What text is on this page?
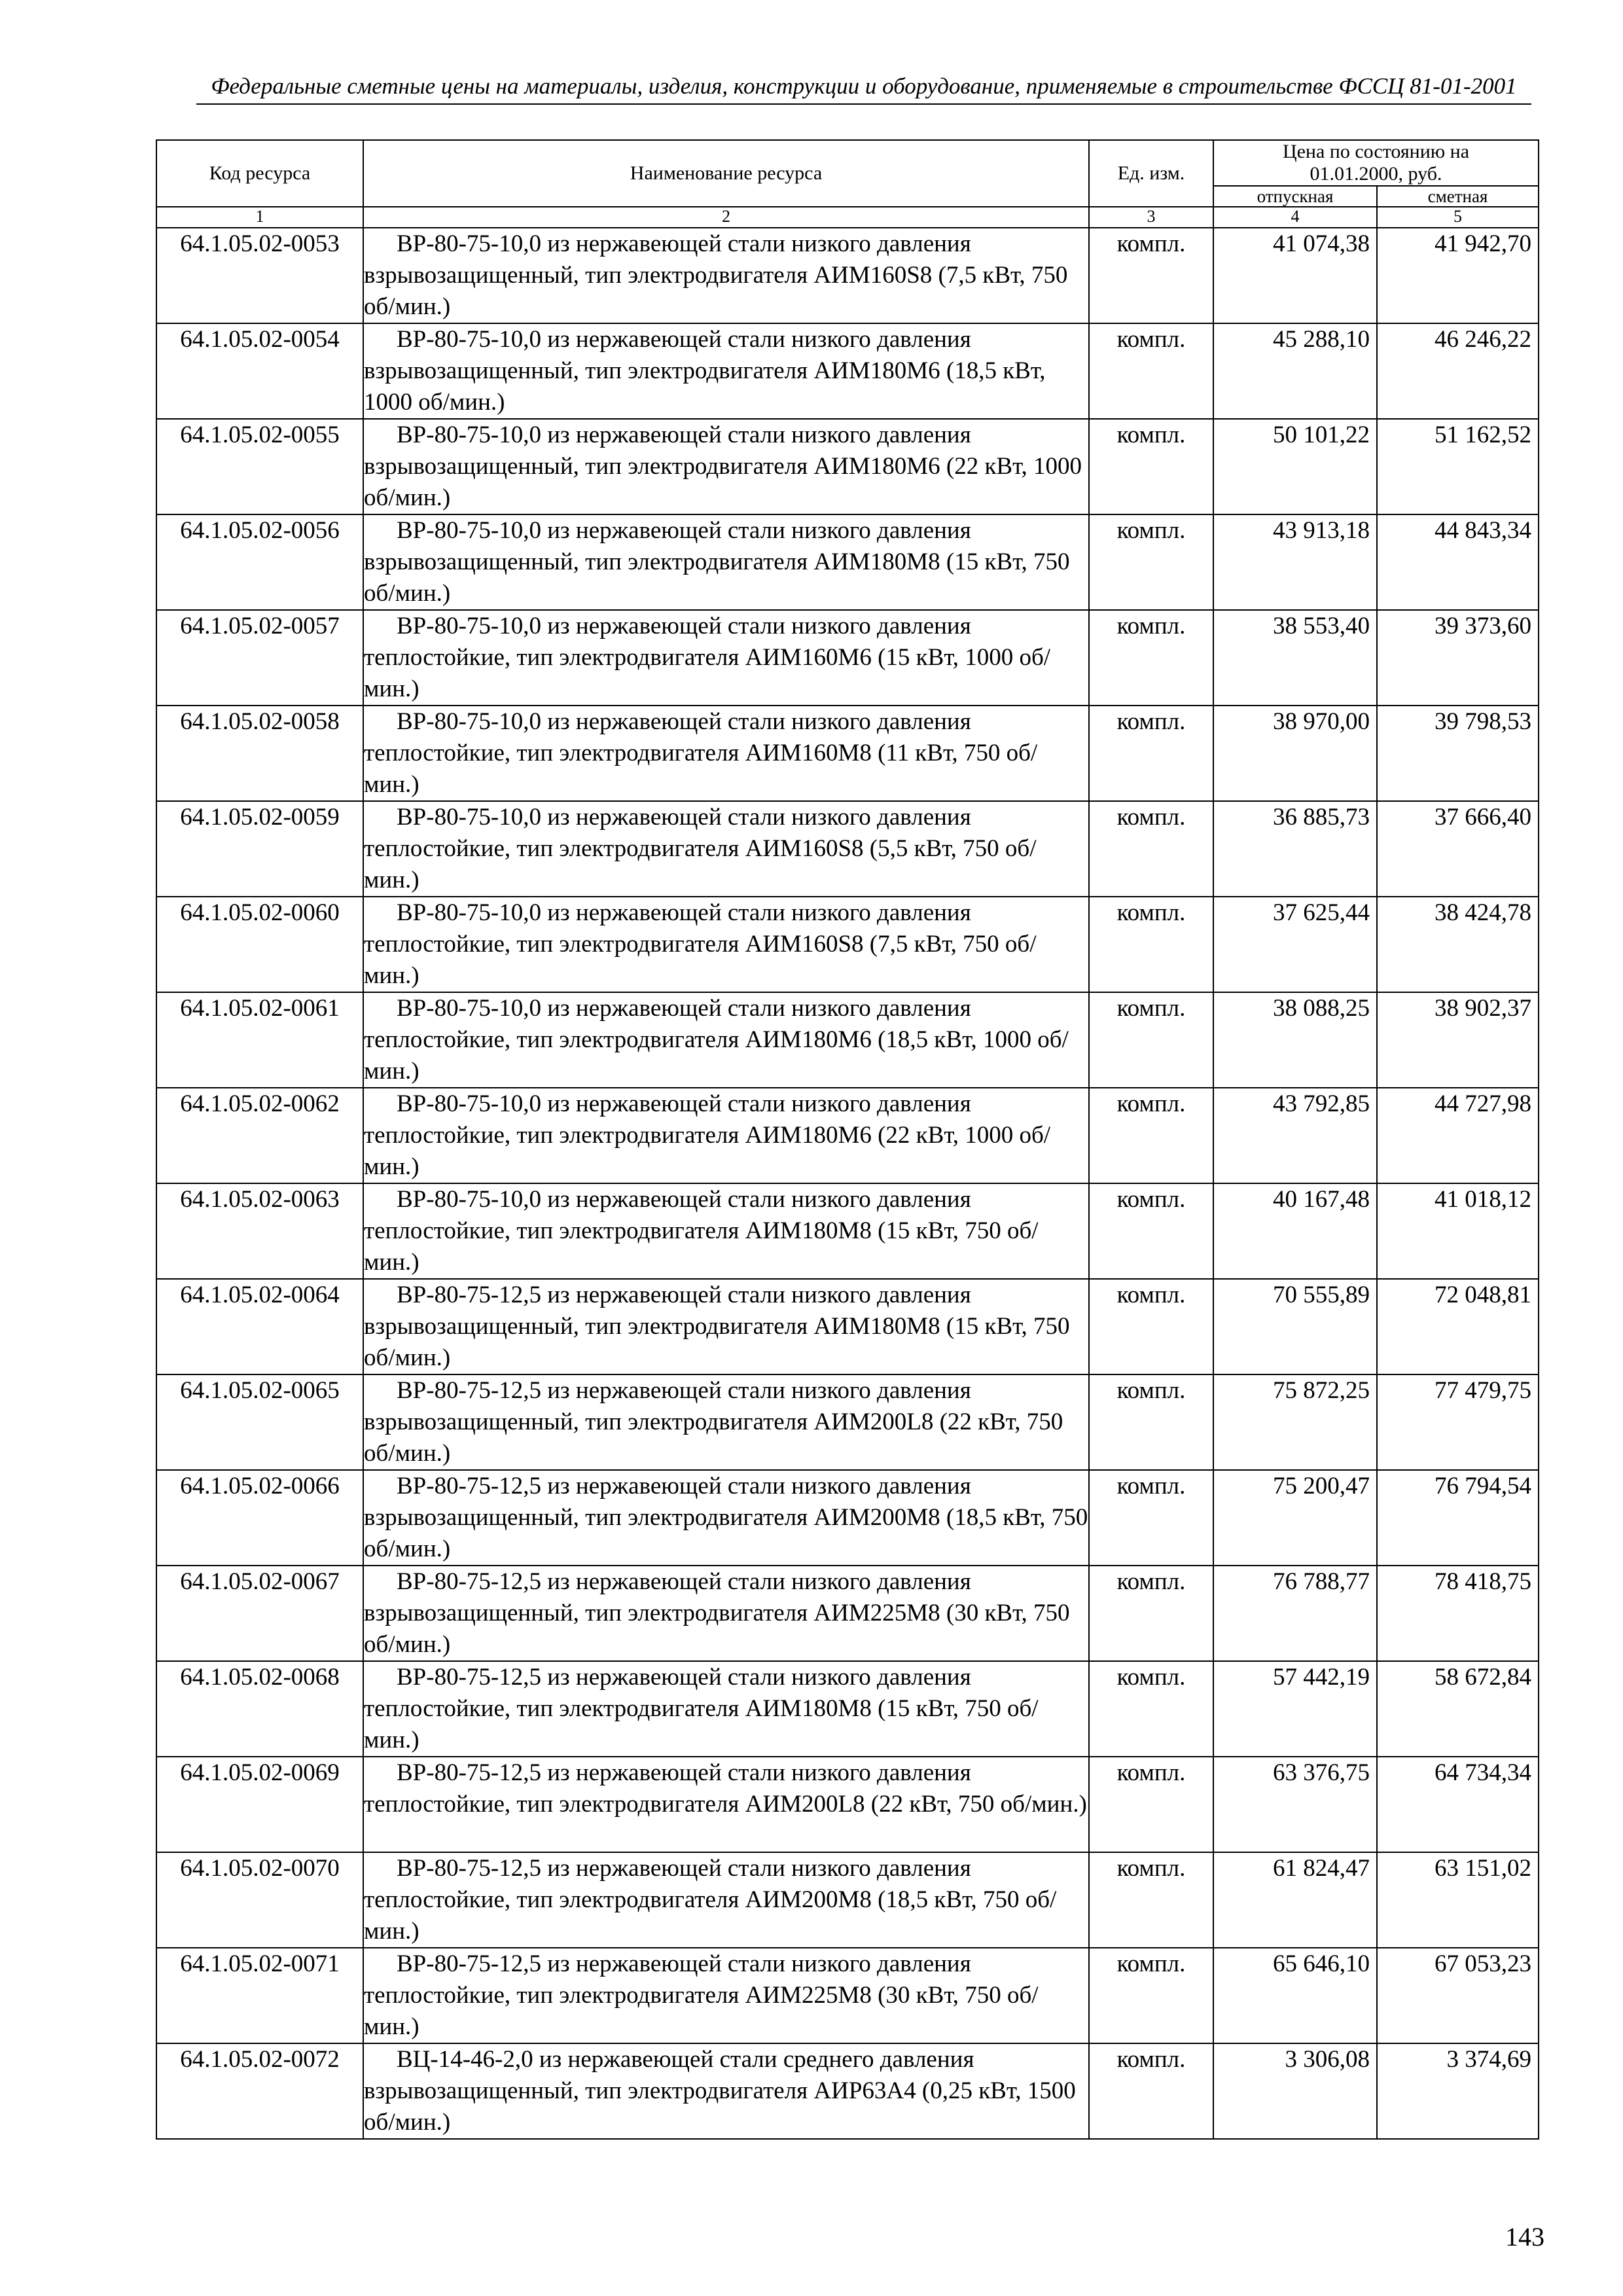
Федеральные сметные цены на материалы, изделия, конструкции и оборудование, применяемые в строительстве ФССЦ 81-01-2001
Код ресурса	Наименование ресурса	Ед. изм.	Цена по состоянию на 01.01.2000, руб.	
			отпускная	сметная
1	2	3	4	5
64.1.05.02-0053	ВР-80-75-10,0 из нержавеющей стали низкого давления взрывозащищенный, тип электродвигателя АИМ160S8 (7,5 кВт, 750 об/мин.)	компл.	41 074,38	41 942,70
64.1.05.02-0054	ВР-80-75-10,0 из нержавеющей стали низкого давления взрывозащищенный, тип электродвигателя АИМ180М6 (18,5 кВт, 1000 об/мин.)	компл.	45 288,10	46 246,22
64.1.05.02-0055	ВР-80-75-10,0 из нержавеющей стали низкого давления взрывозащищенный, тип электродвигателя АИМ180М6 (22 кВт, 1000 об/мин.)	компл.	50 101,22	51 162,52
64.1.05.02-0056	ВР-80-75-10,0 из нержавеющей стали низкого давления взрывозащищенный, тип электродвигателя АИМ180М8 (15 кВт, 750 об/мин.)	компл.	43 913,18	44 843,34
64.1.05.02-0057	ВР-80-75-10,0 из нержавеющей стали низкого давления теплостойкие, тип электродвигателя АИМ160М6 (15 кВт, 1000 об/мин.)	компл.	38 553,40	39 373,60
64.1.05.02-0058	ВР-80-75-10,0 из нержавеющей стали низкого давления теплостойкие, тип электродвигателя АИМ160М8 (11 кВт, 750 об/мин.)	компл.	38 970,00	39 798,53
64.1.05.02-0059	ВР-80-75-10,0 из нержавеющей стали низкого давления теплостойкие, тип электродвигателя АИМ160S8 (5,5 кВт, 750 об/мин.)	компл.	36 885,73	37 666,40
64.1.05.02-0060	ВР-80-75-10,0 из нержавеющей стали низкого давления теплостойкие, тип электродвигателя АИМ160S8 (7,5 кВт, 750 об/мин.)	компл.	37 625,44	38 424,78
64.1.05.02-0061	ВР-80-75-10,0 из нержавеющей стали низкого давления теплостойкие, тип электродвигателя АИМ180М6 (18,5 кВт, 1000 об/мин.)	компл.	38 088,25	38 902,37
64.1.05.02-0062	ВР-80-75-10,0 из нержавеющей стали низкого давления теплостойкие, тип электродвигателя АИМ180М6 (22 кВт, 1000 об/мин.)	компл.	43 792,85	44 727,98
64.1.05.02-0063	ВР-80-75-10,0 из нержавеющей стали низкого давления теплостойкие, тип электродвигателя АИМ180М8 (15 кВт, 750 об/мин.)	компл.	40 167,48	41 018,12
64.1.05.02-0064	ВР-80-75-12,5 из нержавеющей стали низкого давления взрывозащищенный, тип электродвигателя АИМ180М8 (15 кВт, 750 об/мин.)	компл.	70 555,89	72 048,81
64.1.05.02-0065	ВР-80-75-12,5 из нержавеющей стали низкого давления взрывозащищенный, тип электродвигателя АИМ200L8 (22 кВт, 750 об/мин.)	компл.	75 872,25	77 479,75
64.1.05.02-0066	ВР-80-75-12,5 из нержавеющей стали низкого давления взрывозащищенный, тип электродвигателя АИМ200М8 (18,5 кВт, 750 об/мин.)	компл.	75 200,47	76 794,54
64.1.05.02-0067	ВР-80-75-12,5 из нержавеющей стали низкого давления взрывозащищенный, тип электродвигателя АИМ225М8 (30 кВт, 750 об/мин.)	компл.	76 788,77	78 418,75
64.1.05.02-0068	ВР-80-75-12,5 из нержавеющей стали низкого давления теплостойкие, тип электродвигателя АИМ180М8 (15 кВт, 750 об/мин.)	компл.	57 442,19	58 672,84
64.1.05.02-0069	ВР-80-75-12,5 из нержавеющей стали низкого давления теплостойкие, тип электродвигателя АИМ200L8 (22 кВт, 750 об/мин.)	компл.	63 376,75	64 734,34
64.1.05.02-0070	ВР-80-75-12,5 из нержавеющей стали низкого давления теплостойкие, тип электродвигателя АИМ200М8 (18,5 кВт, 750 об/мин.)	компл.	61 824,47	63 151,02
64.1.05.02-0071	ВР-80-75-12,5 из нержавеющей стали низкого давления теплостойкие, тип электродвигателя АИМ225М8 (30 кВт, 750 об/мин.)	компл.	65 646,10	67 053,23
64.1.05.02-0072	ВЦ-14-46-2,0 из нержавеющей стали среднего давления взрывозащищенный, тип электродвигателя АИР63А4 (0,25 кВт, 1500 об/мин.)	компл.	3 306,08	3 374,69
143
